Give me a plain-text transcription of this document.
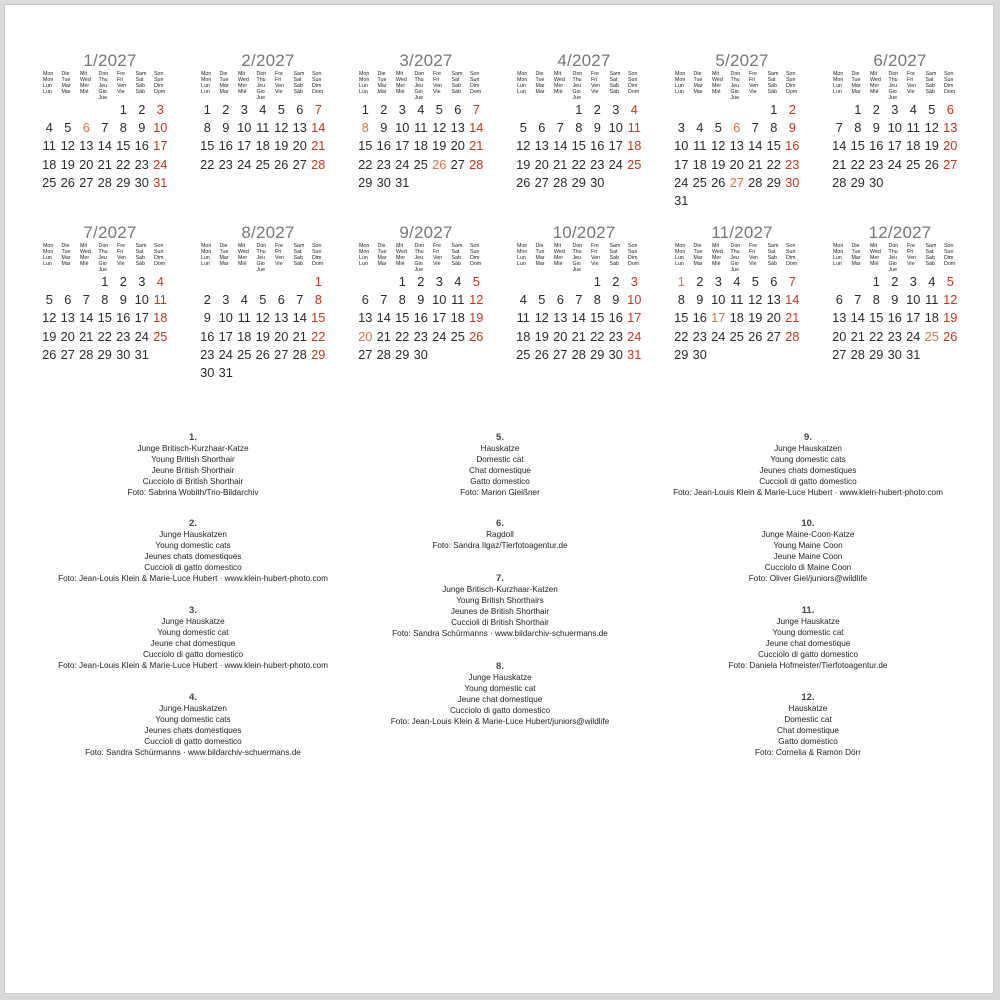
1/2027
Mon
Mon
Lun
Lun
Die
Tue
Mar
Mar
Mit
Wed
Mer
Mié
Don
Thu
Jeu
Gio
Jue
Fre
Fri
Ven
Vie
Sam
Sat
Sab
Sáb
Son
Sun
Dim
Dom
1 2 3
4 5 6 7 8 9 10
11 12 13 14 15 16 17
18 19 20 21 22 23 24
25 26 27 28 29 30 31
2/2027
Mon
Mon
Lun
Lun
Die
Tue
Mar
Mar
Mit
Wed
Mer
Mié
Don
Thu
Jeu
Gio
Jue
Fre
Fri
Ven
Vie
Sam
Sat
Sab
Sáb
Son
Sun
Dim
Dom
1 2 3 4 5 6 7
8 9 10 11 12 13 14
15 16 17 18 19 20 21
22 23 24 25 26 27 28
3/2027
Mon
Mon
Lun
Lun
Die
Tue
Mar
Mar
Mit
Wed
Mer
Mié
Don
Thu
Jeu
Gio
Jue
Fre
Fri
Ven
Vie
Sam
Sat
Sab
Sáb
Son
Sun
Dim
Dom
1 2 3 4 5 6 7
8 9 10 11 12 13 14
15 16 17 18 19 20 21
22 23 24 25 26 27 28
29 30 31
4/2027
Mon
Mon
Lun
Lun
Die
Tue
Mar
Mar
Mit
Wed
Mer
Mié
Don
Thu
Jeu
Gio
Jue
Fre
Fri
Ven
Vie
Sam
Sat
Sab
Sáb
Son
Sun
Dim
Dom
1 2 3 4
5 6 7 8 9 10 11
12 13 14 15 16 17 18
19 20 21 22 23 24 25
26 27 28 29 30
5/2027
Mon
Mon
Lun
Lun
Die
Tue
Mar
Mar
Mit
Wed
Mer
Mié
Don
Thu
Jeu
Gio
Jue
Fre
Fri
Ven
Vie
Sam
Sat
Sab
Sáb
Son
Sun
Dim
Dom
1 2
3 4 5 6 7 8 9
10 11 12 13 14 15 16
17 18 19 20 21 22 23
24 25 26 27 28 29 30
31
6/2027
Mon
Mon
Lun
Lun
Die
Tue
Mar
Mar
Mit
Wed
Mer
Mié
Don
Thu
Jeu
Gio
Jue
Fre
Fri
Ven
Vie
Sam
Sat
Sab
Sáb
Son
Sun
Dim
Dom
1 2 3 4 5 6
7 8 9 10 11 12 13
14 15 16 17 18 19 20
21 22 23 24 25 26 27
28 29 30
7/2027
Mon
Mon
Lun
Lun
Die
Tue
Mar
Mar
Mit
Wed
Mer
Mié
Don
Thu
Jeu
Gio
Jue
Fre
Fri
Ven
Vie
Sam
Sat
Sab
Sáb
Son
Sun
Dim
Dom
1 2 3 4
5 6 7 8 9 10 11
12 13 14 15 16 17 18
19 20 21 22 23 24 25
26 27 28 29 30 31
8/2027
Mon
Mon
Lun
Lun
Die
Tue
Mar
Mar
Mit
Wed
Mer
Mié
Don
Thu
Jeu
Gio
Jue
Fre
Fri
Ven
Vie
Sam
Sat
Sab
Sáb
Son
Sun
Dim
Dom
1
2 3 4 5 6 7 8
9 10 11 12 13 14 15
16 17 18 19 20 21 22
23 24 25 26 27 28 29
30 31
9/2027
Mon
Mon
Lun
Lun
Die
Tue
Mar
Mar
Mit
Wed
Mer
Mié
Don
Thu
Jeu
Gio
Jue
Fre
Fri
Ven
Vie
Sam
Sat
Sab
Sáb
Son
Sun
Dim
Dom
1 2 3 4 5
6 7 8 9 10 11 12
13 14 15 16 17 18 19
20 21 22 23 24 25 26
27 28 29 30
10/2027
Mon
Mon
Lun
Lun
Die
Tue
Mar
Mar
Mit
Wed
Mer
Mié
Don
Thu
Jeu
Gio
Jue
Fre
Fri
Ven
Vie
Sam
Sat
Sab
Sáb
Son
Sun
Dim
Dom
1 2 3
4 5 6 7 8 9 10
11 12 13 14 15 16 17
18 19 20 21 22 23 24
25 26 27 28 29 30 31
11/2027
Mon
Mon
Lun
Lun
Die
Tue
Mar
Mar
Mit
Wed
Mer
Mié
Don
Thu
Jeu
Gio
Jue
Fre
Fri
Ven
Vie
Sam
Sat
Sab
Sáb
Son
Sun
Dim
Dom
1 2 3 4 5 6 7
8 9 10 11 12 13 14
15 16 17 18 19 20 21
22 23 24 25 26 27 28
29 30
12/2027
Mon
Mon
Lun
Lun
Die
Tue
Mar
Mar
Mit
Wed
Mer
Mié
Don
Thu
Jeu
Gio
Jue
Fre
Fri
Ven
Vie
Sam
Sat
Sab
Sáb
Son
Sun
Dim
Dom
1 2 3 4 5
6 7 8 9 10 11 12
13 14 15 16 17 18 19
20 21 22 23 24 25 26
27 28 29 30 31
1.
Junge Britisch-Kurzhaar-Katze
Young British Shorthair
Jeune British Shorthair
Cucciolo di British Shorthair
Foto: Sabrina Wobith/Trio-Bildarchiv
2.
Junge Hauskatzen
Young domestic cats
Jeunes chats domestiques
Cuccioli di gatto domestico
Foto: Jean-Louis Klein & Marie-Luce Hubert · www.klein-hubert-photo.com
3.
Junge Hauskatze
Young domestic cat
Jeune chat domestique
Cucciolo di gatto domestico
Foto: Jean-Louis Klein & Marie-Luce Hubert · www.klein-hubert-photo.com
4.
Junge Hauskatzen
Young domestic cats
Jeunes chats domestiques
Cuccioli di gatto domestico
Foto: Sandra Schürmanns · www.bildarchiv-schuermans.de
5.
Hauskatze
Domestic cat
Chat domestique
Gatto domestico
Foto: Marion Gleißner
6.
Ragdoll
Foto: Sandra Ilgaz/Tierfotoagentur.de
7.
Junge Britisch-Kurzhaar-Katzen
Young British Shorthairs
Jeunes de British Shorthair
Cuccioli di British Shorthair
Foto: Sandra Schürmanns · www.bildarchiv-schuermans.de
8.
Junge Hauskatze
Young domestic cat
Jeune chat domestique
Cucciolo di gatto domestico
Foto: Jean-Louis Klein & Marie-Luce Hubert/juniors@wildlife
9.
Junge Hauskatzen
Young domestic cats
Jeunes chats domestiques
Cuccioli di gatto domestico
Foto: Jean-Louis Klein & Marie-Luce Hubert · www.klein-hubert-photo.com
10.
Junge Maine-Coon-Katze
Young Maine Coon
Jeune Maine Coon
Cucciolo di Maine Coon
Foto: Oliver Giel/juniors@wildlife
11.
Junge Hauskatze
Young domestic cat
Jeune chat domestique
Cucciolo di gatto domestico
Foto: Daniela Hofmeister/Tierfotoagentur.de
12.
Hauskatze
Domestic cat
Chat domestique
Gatto domestico
Foto: Cornelia & Ramon Dörr
